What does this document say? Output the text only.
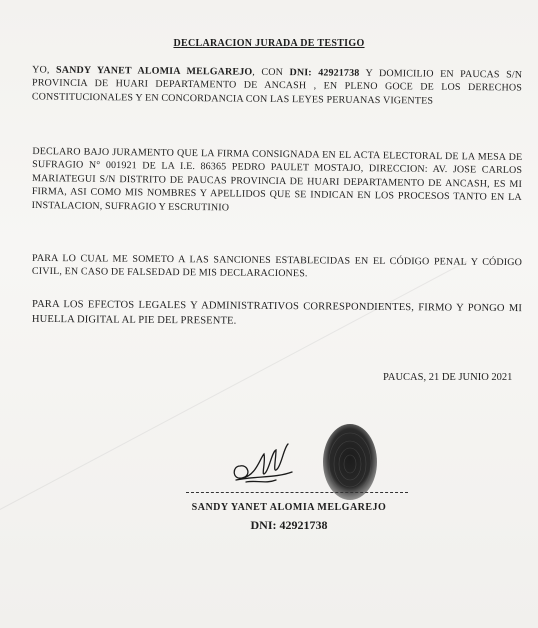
DECLARACION JURADA DE TESTIGO
YO, SANDY YANET ALOMIA MELGAREJO, CON DNI: 42921738 Y DOMICILIO EN PAUCAS S/N PROVINCIA DE HUARI DEPARTAMENTO DE ANCASH , EN PLENO GOCE DE LOS DERECHOS CONSTITUCIONALES Y EN CONCORDANCIA CON LAS LEYES PERUANAS VIGENTES
DECLARO BAJO JURAMENTO QUE LA FIRMA CONSIGNADA EN EL ACTA ELECTORAL DE LA MESA DE SUFRAGIO N° 001921 DE LA I.E. 86365 PEDRO PAULET MOSTAJO, DIRECCION: AV. JOSE CARLOS MARIATEGUI S/N DISTRITO DE PAUCAS PROVINCIA DE HUARI DEPARTAMENTO DE ANCASH, ES MI FIRMA, ASI COMO MIS NOMBRES Y APELLIDOS QUE SE INDICAN EN LOS PROCESOS TANTO EN LA INSTALACION, SUFRAGIO Y ESCRUTINIO
PARA LO CUAL ME SOMETO A LAS SANCIONES ESTABLECIDAS EN EL CÓDIGO PENAL Y CÓDIGO CIVIL, EN CASO DE FALSEDAD DE MIS DECLARACIONES.
PARA LOS EFECTOS LEGALES Y ADMINISTRATIVOS CORRESPONDIENTES, FIRMO Y PONGO MI HUELLA DIGITAL AL PIE DEL PRESENTE.
PAUCAS, 21 DE JUNIO 2021
SANDY YANET ALOMIA MELGAREJO
DNI: 42921738
